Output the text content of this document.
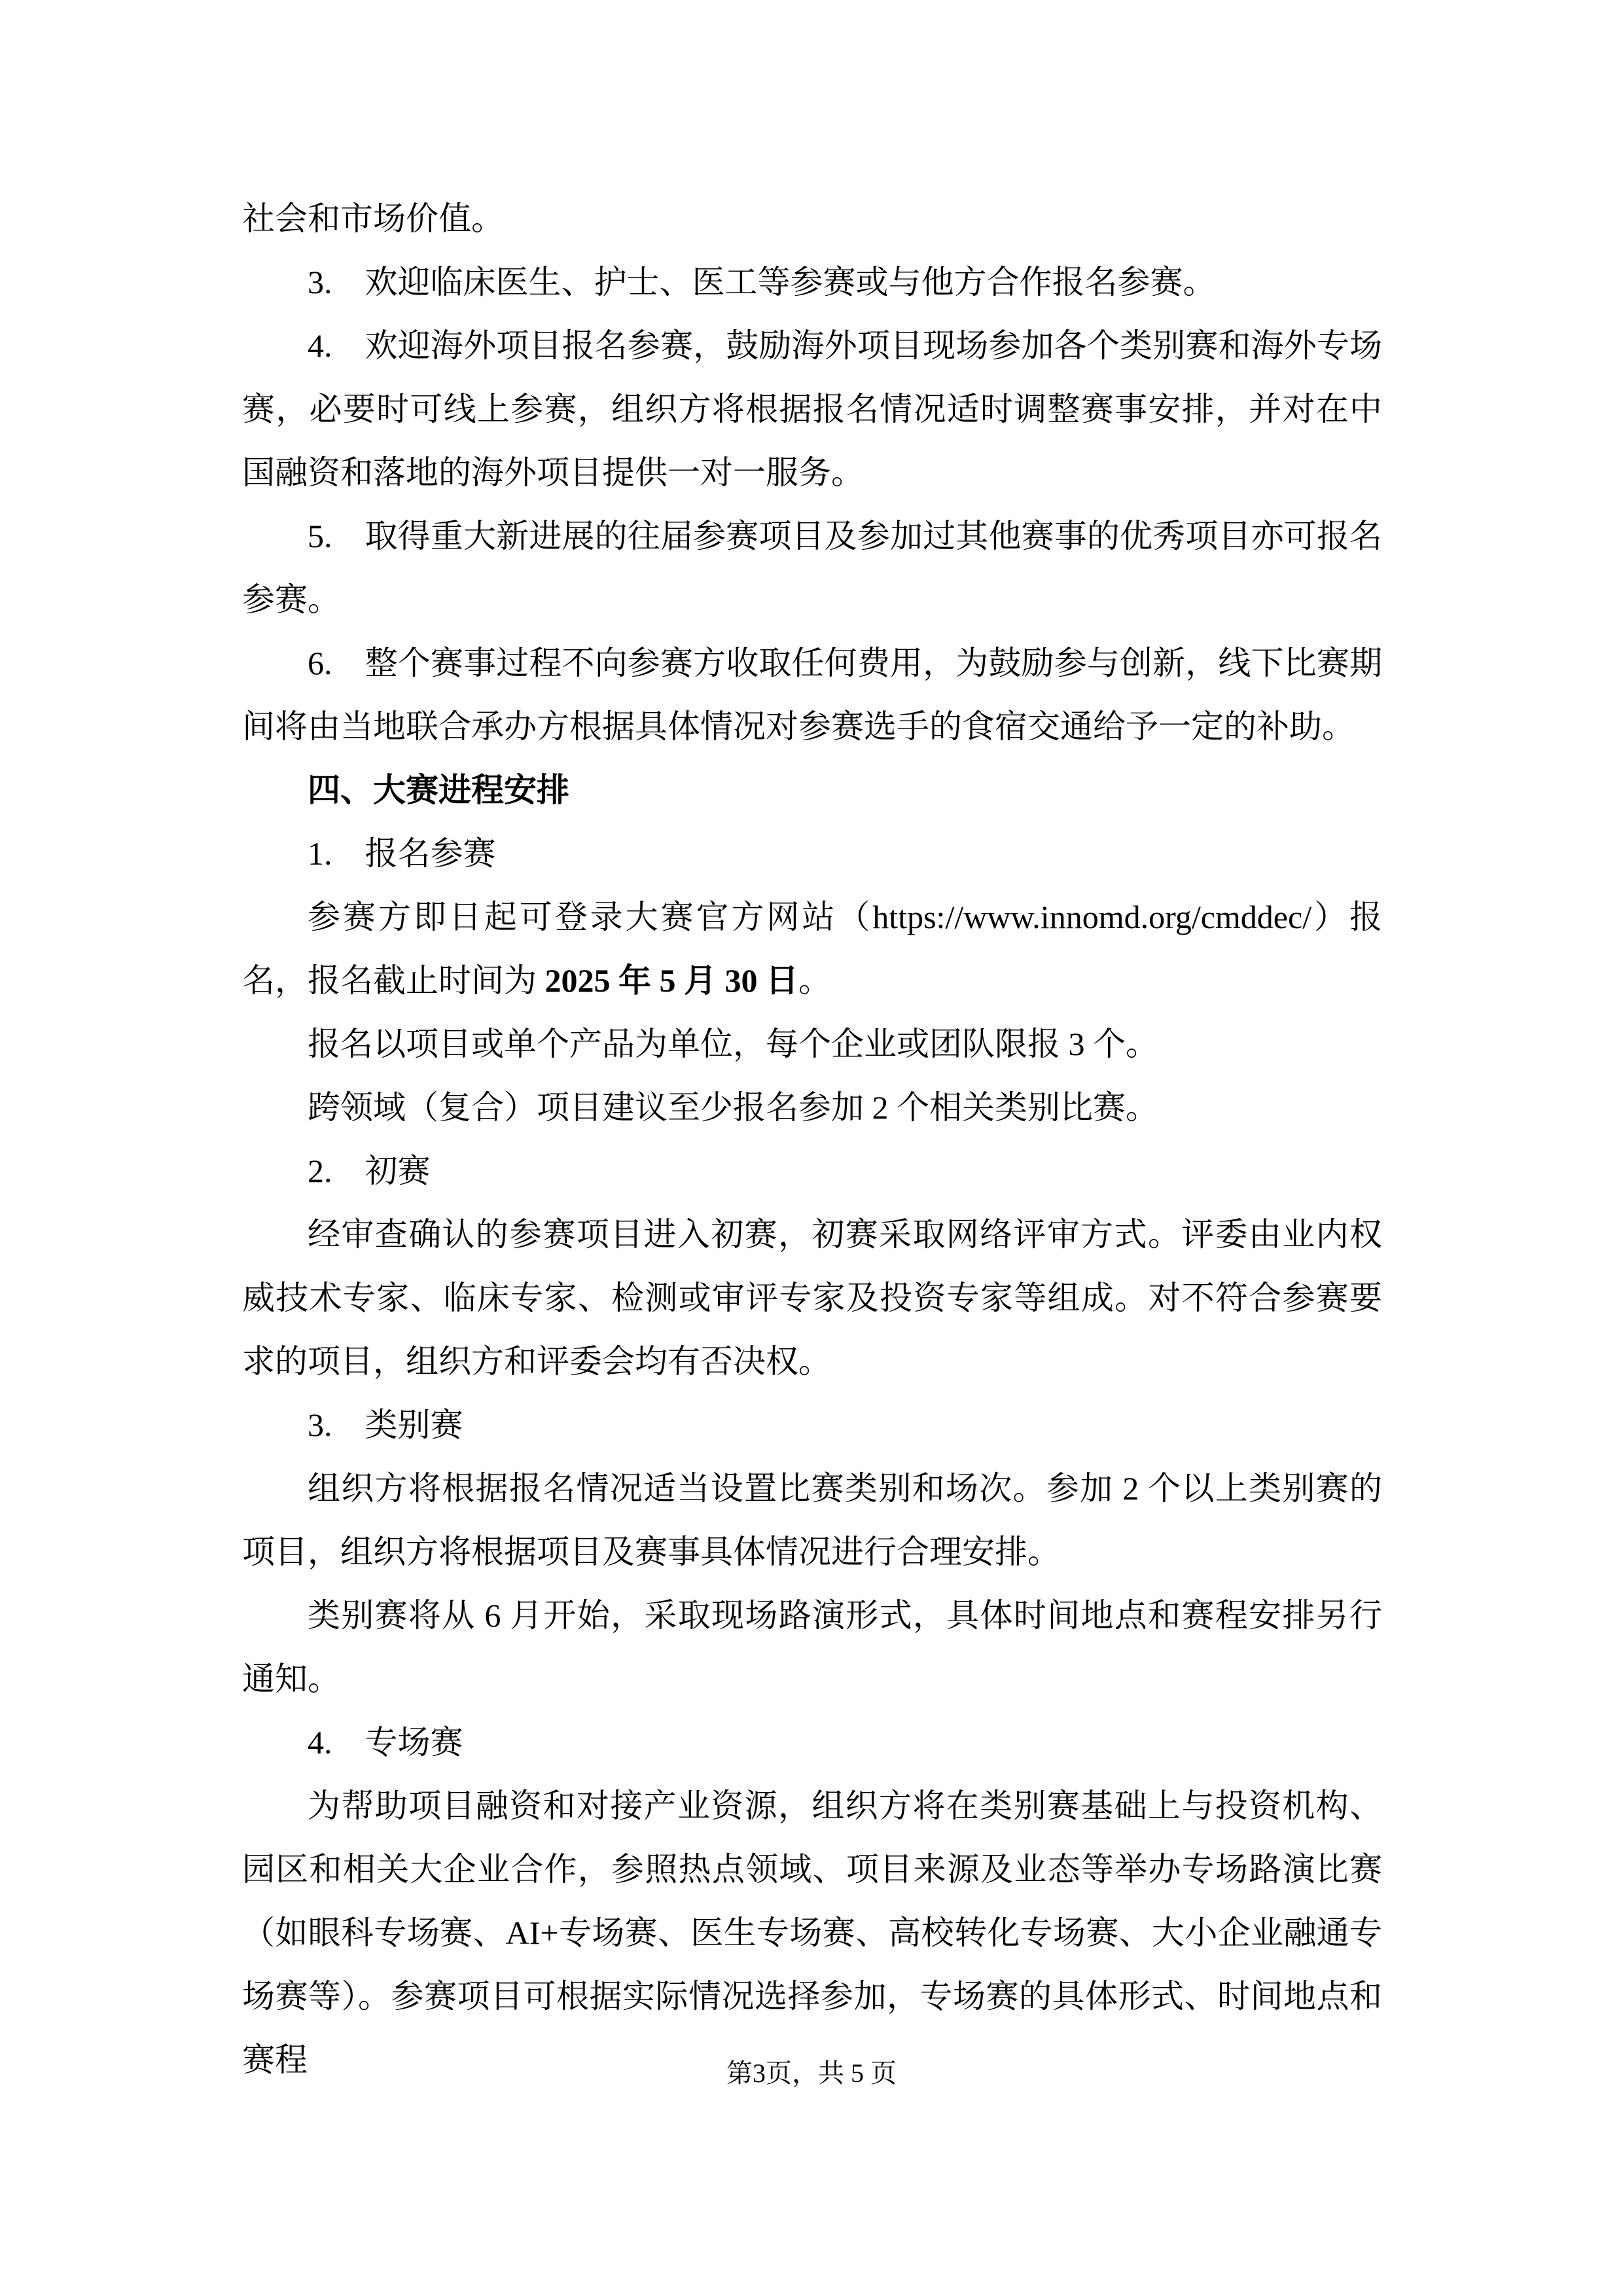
社会和市场价值。

3. 欢迎临床医生、护士、医工等参赛或与他方合作报名参赛。

4. 欢迎海外项目报名参赛，鼓励海外项目现场参加各个类别赛和海外专场赛，必要时可线上参赛，组织方将根据报名情况适时调整赛事安排，并对在中国融资和落地的海外项目提供一对一服务。

5. 取得重大新进展的往届参赛项目及参加过其他赛事的优秀项目亦可报名参赛。

6. 整个赛事过程不向参赛方收取任何费用，为鼓励参与创新，线下比赛期间将由当地联合承办方根据具体情况对参赛选手的食宿交通给予一定的补助。

四、大赛进程安排

1. 报名参赛

参赛方即日起可登录大赛官方网站（https://www.innomd.org/cmddec/）报名，报名截止时间为 2025 年 5 月 30 日。

报名以项目或单个产品为单位，每个企业或团队限报 3 个。

跨领域（复合）项目建议至少报名参加 2 个相关类别比赛。

2. 初赛

经审查确认的参赛项目进入初赛，初赛采取网络评审方式。评委由业内权威技术专家、临床专家、检测或审评专家及投资专家等组成。对不符合参赛要求的项目，组织方和评委会均有否决权。

3. 类别赛

组织方将根据报名情况适当设置比赛类别和场次。参加 2 个以上类别赛的项目，组织方将根据项目及赛事具体情况进行合理安排。

类别赛将从 6 月开始，采取现场路演形式，具体时间地点和赛程安排另行通知。

4. 专场赛

为帮助项目融资和对接产业资源，组织方将在类别赛基础上与投资机构、园区和相关大企业合作，参照热点领域、项目来源及业态等举办专场路演比赛（如眼科专场赛、AI+专场赛、医生专场赛、高校转化专场赛、大小企业融通专场赛等）。参赛项目可根据实际情况选择参加，专场赛的具体形式、时间地点和赛程	第3页，共 5 页
